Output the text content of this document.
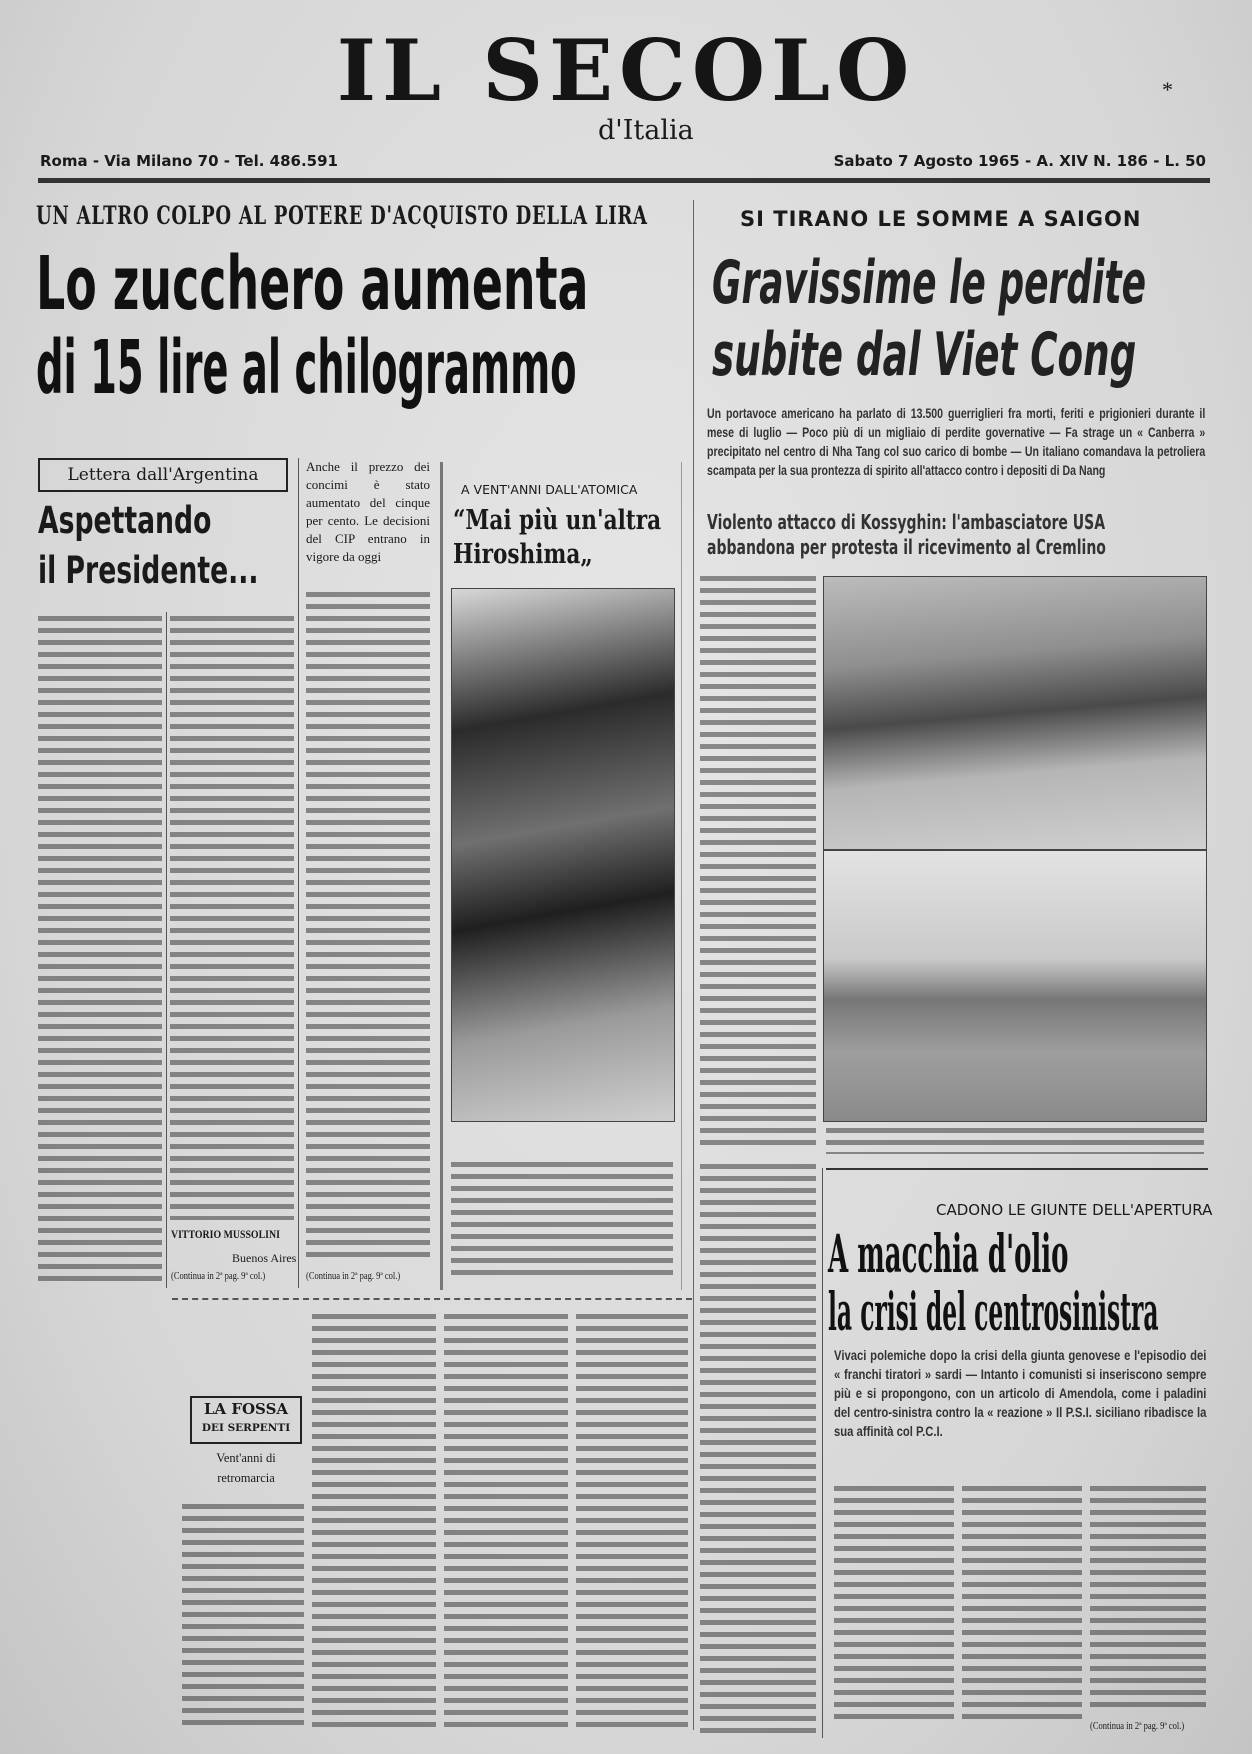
IL SECOLO
d'Italia
*
Roma - Via Milano 70 - Tel. 486.591	Sabato 7 Agosto 1965 - A. XIV N. 186 - L. 50
UN ALTRO COLPO AL POTERE D'ACQUISTO DELLA LIRA
Lo zucchero aumenta
di 15 lire al chilogrammo
Lettera dall'Argentina
Aspettando
il Presidente...
VITTORIO MUSSOLINI
Buenos Aires
(Continua in 2ª pag. 9ª col.)
Anche il prezzo dei concimi è stato aumentato del cinque per cento. Le decisioni del CIP entrano in vigore da oggi
(Continua in 2ª pag. 9ª col.)
A VENT'ANNI DALL'ATOMICA
“Mai più un'altra Hiroshima„
SI TIRANO LE SOMME A SAIGON
Gravissime le perdite
subite dal Viet Cong
Un portavoce americano ha parlato di 13.500 guerriglieri fra morti, feriti e prigionieri durante il mese di luglio — Poco più di un migliaio di perdite governative — Fa strage un « Canberra » precipitato nel centro di Nha Tang col suo carico di bombe — Un italiano comandava la petroliera scampata per la sua prontezza di spirito all'attacco contro i depositi di Da Nang
Violento attacco di Kossyghin: l'ambasciatore USA
abbandona per protesta il ricevimento al Cremlino
CADONO LE GIUNTE DELL'APERTURA
A macchia d'olio
la crisi del centrosinistra
Vivaci polemiche dopo la crisi della giunta genovese e l'episodio dei « franchi tiratori » sardi — Intanto i comunisti si inseriscono sempre più e si propongono, con un articolo di Amendola, come i paladini del centro-sinistra contro la « reazione » Il P.S.I. siciliano ribadisce la sua affinità col P.C.I.
(Continua in 2ª pag. 9ª col.)
LA FOSSA
DEI SERPENTI
Vent'anni di retromarcia
